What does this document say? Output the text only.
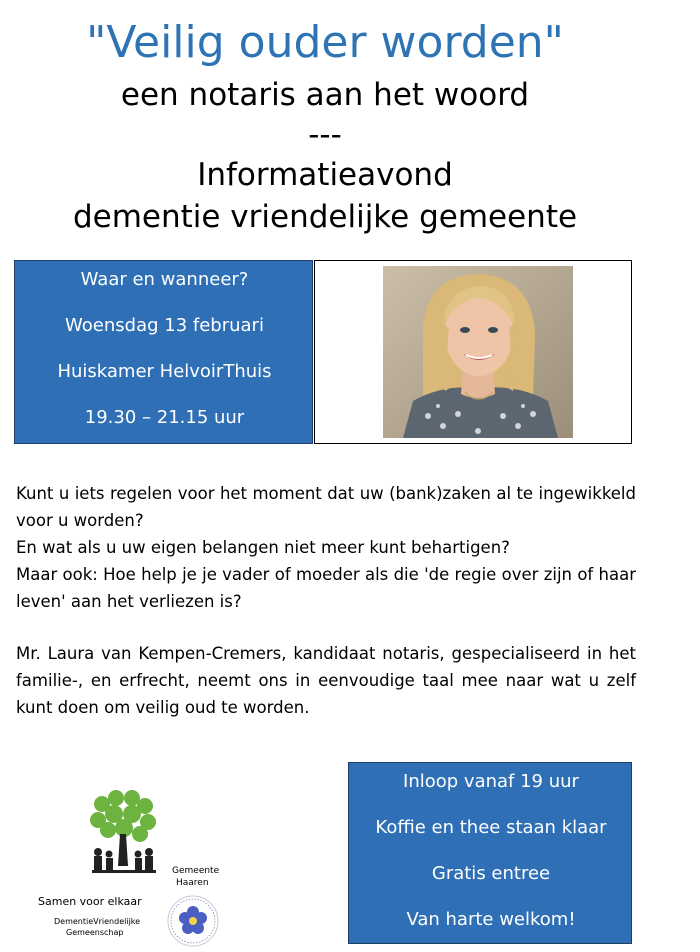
"Veilig ouder worden"
een notaris aan het woord
---
Informatieavond
dementie vriendelijke gemeente
Waar en wanneer?
Woensdag 13 februari
Huiskamer HelvoirThuis
19.30 – 21.15 uur

Kunt u iets regelen voor het moment dat uw (bank)zaken al te ingewikkeld voor u worden?

En wat als u uw eigen belangen niet meer kunt behartigen?

Maar ook: Hoe help je je vader of moeder als die 'de regie over zijn of haar leven' aan het verliezen is?

Mr. Laura van Kempen-Cremers, kandidaat notaris, gespecialiseerd in het familie-, en erfrecht, neemt ons in eenvoudige taal mee naar wat u zelf kunt doen om veilig oud te worden.

Inloop vanaf 19 uur
Koffie en thee staan klaar
Gratis entree
Van harte welkom!
Samen voor elkaar
DementieVriendelijke
Gemeenschap
Gemeente
Haaren
